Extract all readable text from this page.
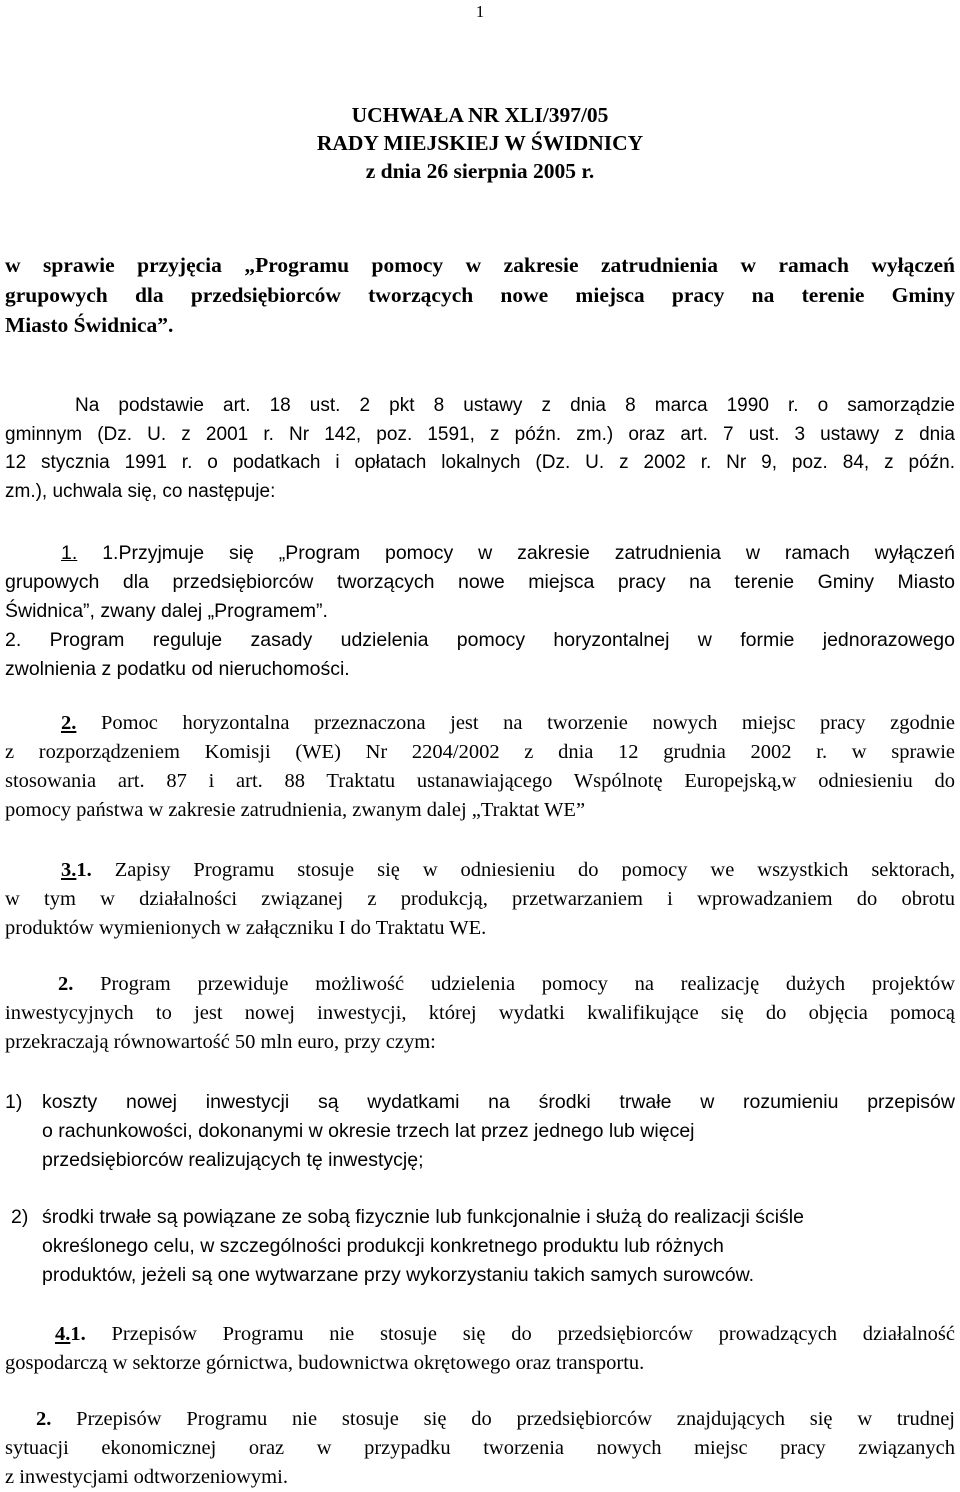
1
UCHWAŁA NR XLI/397/05
RADY MIEJSKIEJ W ŚWIDNICY
z dnia 26 sierpnia 2005 r.
w sprawie przyjęcia „Programu pomocy w zakresie zatrudnienia w ramach wyłączeń
grupowych dla przedsiębiorców tworzących nowe miejsca pracy na terenie Gminy
Miasto Świdnica”.
Na podstawie art. 18 ust. 2 pkt 8 ustawy z dnia 8 marca 1990 r. o samorządzie
gminnym (Dz. U. z 2001 r. Nr 142, poz. 1591, z późn. zm.) oraz art. 7 ust. 3 ustawy z dnia
12 stycznia 1991 r. o podatkach i opłatach lokalnych (Dz. U. z 2002 r. Nr 9, poz. 84, z późn.
zm.), uchwala się, co następuje:
1. 1.Przyjmuje się „Program pomocy w zakresie zatrudnienia w ramach wyłączeń
grupowych dla przedsiębiorców tworzących nowe miejsca pracy na terenie Gminy Miasto
Świdnica”, zwany dalej „Programem”.
2. Program reguluje zasady udzielenia pomocy horyzontalnej w formie jednorazowego
zwolnienia z podatku od nieruchomości.
2. Pomoc horyzontalna przeznaczona jest na tworzenie nowych miejsc pracy zgodnie
z rozporządzeniem Komisji (WE) Nr 2204/2002 z dnia 12 grudnia 2002 r. w sprawie
stosowania art. 87 i art. 88 Traktatu ustanawiającego Wspólnotę Europejską,w odniesieniu do
pomocy państwa w zakresie zatrudnienia, zwanym dalej „Traktat WE”
3.1. Zapisy Programu stosuje się w odniesieniu do pomocy we wszystkich sektorach,
w tym w działalności związanej z produkcją, przetwarzaniem i wprowadzaniem do obrotu
produktów wymienionych w załączniku I do Traktatu WE.
2. Program przewiduje możliwość udzielenia pomocy na realizację dużych projektów
inwestycyjnych to jest nowej inwestycji, której wydatki kwalifikujące się do objęcia pomocą
przekraczają równowartość 50 mln euro, przy czym:
1) koszty nowej inwestycji są wydatkami na środki trwałe w rozumieniu przepisów
o rachunkowości, dokonanymi w okresie trzech lat przez jednego lub więcej
przedsiębiorców realizujących tę inwestycję;
2) środki trwałe są powiązane ze sobą fizycznie lub funkcjonalnie i służą do realizacji ściśle
określonego celu, w szczególności produkcji konkretnego produktu lub różnych
produktów, jeżeli są one wytwarzane przy wykorzystaniu takich samych surowców.
4.1. Przepisów Programu nie stosuje się do przedsiębiorców prowadzących działalność
gospodarczą w sektorze górnictwa, budownictwa okrętowego oraz transportu.
2. Przepisów Programu nie stosuje się do przedsiębiorców znajdujących się w trudnej
sytuacji ekonomicznej oraz w przypadku tworzenia nowych miejsc pracy związanych
z inwestycjami odtworzeniowymi.
